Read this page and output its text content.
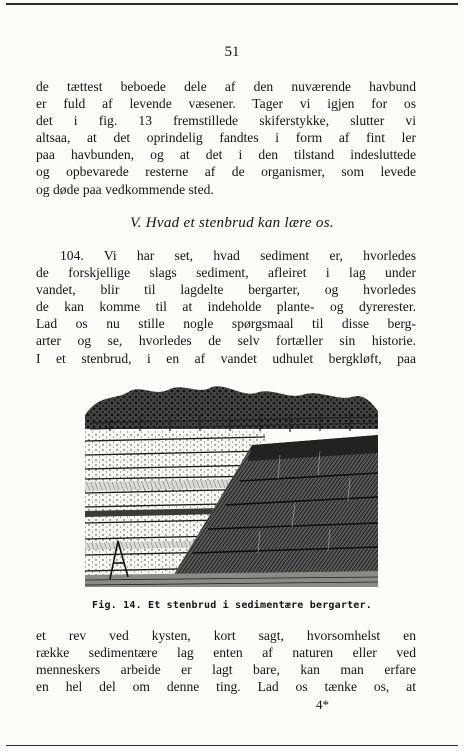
51
de tættest beboede dele af den nuværende havbund
er fuld af levende væsener. Tager vi igjen for os
det i fig. 13 fremstillede skiferstykke, slutter vi
altsaa, at det oprindelig fandtes i form af fint ler
paa havbunden, og at det i den tilstand indesluttede
og opbevarede resterne af de organismer, som levede
og døde paa vedkommende sted.
V. Hvad et stenbrud kan lære os.
104. Vi har set, hvad sediment er, hvorledes
de forskjellige slags sediment, afleiret i lag under
vandet, blir til lagdelte bergarter, og hvorledes
de kan komme til at indeholde plante- og dyrerester.
Lad os nu stille nogle spørgsmaal til disse berg-
arter og se, hvorledes de selv fortæller sin historie.
I et stenbrud, i en af vandet udhulet bergkløft, paa
Fig. 14. Et stenbrud i sedimentære bergarter.
et rev ved kysten, kort sagt, hvorsomhelst en
række sedimentære lag enten af naturen eller ved
menneskers arbeide er lagt bare, kan man erfare
en hel del om denne ting. Lad os tænke os, at
4*
